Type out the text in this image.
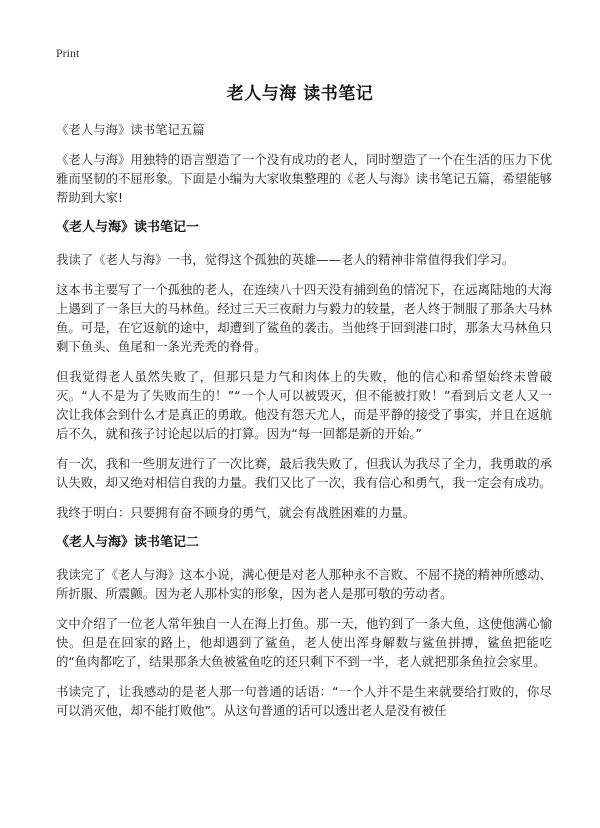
Print
老人与海 读书笔记

《老人与海》读书笔记五篇

《老人与海》用独特的语言塑造了一个没有成功的老人，同时塑造了一个在生活的压力下优雅而坚韧的不屈形象。下面是小编为大家收集整理的《老人与海》读书笔记五篇，希望能够帮助到大家!

《老人与海》读书笔记一

我读了《老人与海》一书，觉得这个孤独的英雄——老人的精神非常值得我们学习。

这本书主要写了一个孤独的老人，在连续八十四天没有捕到鱼的情况下，在远离陆地的大海上遇到了一条巨大的马林鱼。经过三天三夜耐力与毅力的较量，老人终于制服了那条大马林鱼。可是，在它返航的途中，却遭到了鲨鱼的袭击。当他终于回到港口时，那条大马林鱼只剩下鱼头、鱼尾和一条光秃秃的脊骨。

但我觉得老人虽然失败了，但那只是力气和肉体上的失败，他的信心和希望始终未曾破灭。“人不是为了失败而生的！”“一个人可以被毁灭，但不能被打败！”看到后文老人又一次让我体会到什么才是真正的勇敢。他没有怨天尤人，而是平静的接受了事实，并且在返航后不久，就和孩子讨论起以后的打算。因为“每一回都是新的开始。”

有一次，我和一些朋友进行了一次比赛，最后我失败了，但我认为我尽了全力，我勇敢的承认失败，却又绝对相信自我的力量。我们又比了一次，我有信心和勇气，我一定会有成功。

我终于明白：只要拥有奋不顾身的勇气，就会有战胜困难的力量。

《老人与海》读书笔记二

我读完了《老人与海》这本小说，满心便是对老人那种永不言败、不屈不挠的精神所感动、所折服、所震颤。因为老人那朴实的形象，因为老人是那可敬的劳动者。

文中介绍了一位老人常年独自一人在海上打鱼。那一天，他钓到了一条大鱼，这使他满心愉快。但是在回家的路上，他却遇到了鲨鱼，老人使出浑身解数与鲨鱼拼搏，鲨鱼把能吃的“鱼肉都吃了，结果那条大鱼被鲨鱼吃的还只剩下不到一半，老人就把那条鱼拉会家里。

书读完了，让我感动的是老人那一句普通的话语：“一个人并不是生来就要给打败的，你尽可以消灭他，却不能打败他”。从这句普通的话可以透出老人是没有被任
